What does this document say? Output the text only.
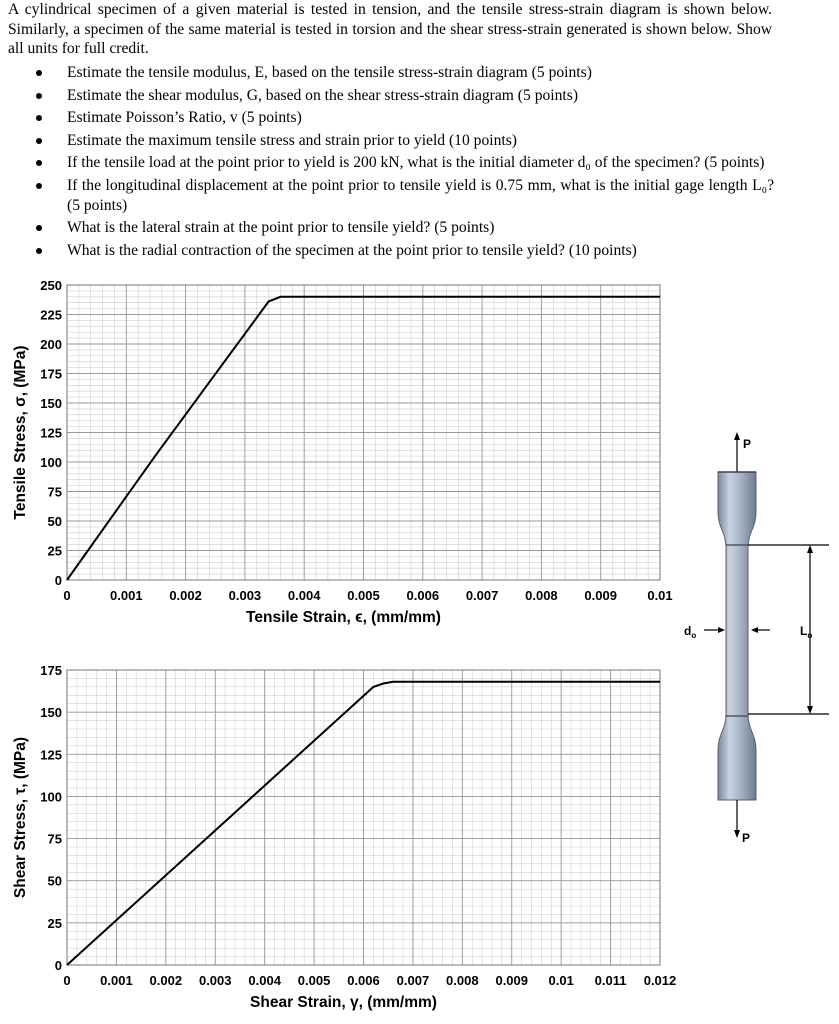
A cylindrical specimen of a given material is tested in tension, and the tensile stress-strain diagram is shown below. Similarly, a specimen of the same material is tested in torsion and the shear stress-strain generated is shown below. Show all units for full credit.

Estimate the tensile modulus, E, based on the tensile stress-strain diagram (5 points)
Estimate the shear modulus, G, based on the shear stress-strain diagram (5 points)
Estimate Poisson’s Ratio, v (5 points)
Estimate the maximum tensile stress and strain prior to yield (10 points)
If the tensile load at the point prior to yield is 200 kN, what is the initial diameter d₀ of the specimen? (5 points)
If the longitudinal displacement at the point prior to tensile yield is 0.75 mm, what is the initial gage length L₀? (5 points)
What is the lateral strain at the point prior to tensile yield? (5 points)
What is the radial contraction of the specimen at the point prior to tensile yield? (10 points)
0	0.001 0.002 0.003 0.004 0.005 0.006 0.007 0.008 0.009 0.01
0
25
50
75
100
125
150
175
200
225
250
Tensile Strain, ϵ, (mm/mm)
Tensile Stress, σ, (MPa)
0 0.001 0.002 0.003 0.004 0.005 0.006 0.007 0.008 0.009 0.01 0.011 0.012
0
25
50
75
100
125
150
175
Shear Strain, γ, (mm/mm)
Shear Stress, τ, (MPa)
P
P
$d_o$	$L_o$
